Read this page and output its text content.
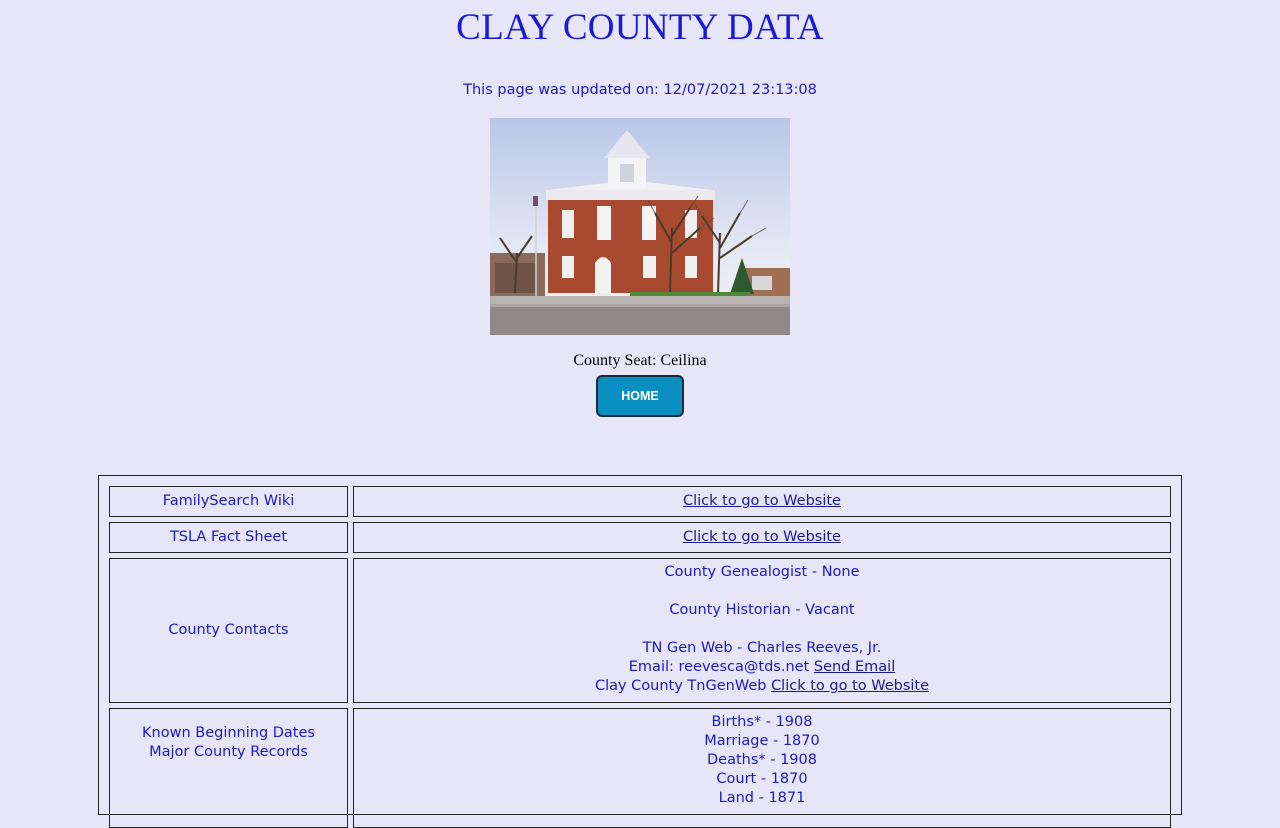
CLAY COUNTY DATA
This page was updated on: 12/07/2021 23:13:08
County Seat: Ceilina
HOME
FamilySearch Wiki	Click to go to Website
TSLA Fact Sheet	Click to go to Website
County Contacts
County Genealogist - None
County Historian - Vacant
TN Gen Web - Charles Reeves, Jr.
Email: reevesca@tds.net Send Email
Clay County TnGenWeb Click to go to Website
Known Beginning Dates
Major County Records
Births* - 1908
Marriage - 1870
Deaths* - 1908
Court - 1870
Land - 1871
